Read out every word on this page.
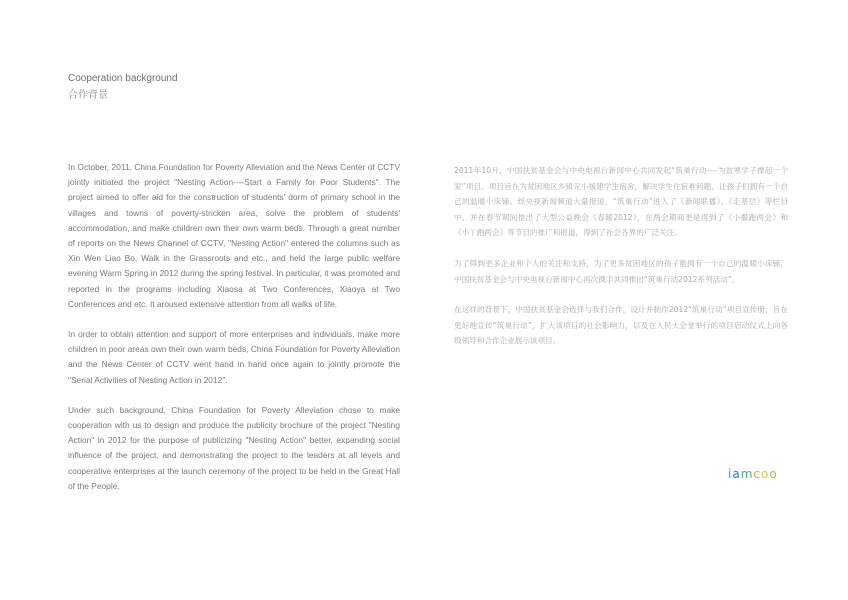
Cooperation background
合作背景

In October, 2011, China Foundation for Poverty Alleviation and the News Center of CCTV jointly initiated the project "Nesting Action----Start a Family for Poor Students". The project aimed to offer aid for the construction of students' dorm of primary school in the villages and towns of poverty-stricken area, solve the problem of students' accommodation, and make children own their own warm beds. Through a great number of reports on the News Channel of CCTV, "Nesting Action" entered the columns such as Xin Wen Liao Bo, Walk in the Grassroots and etc., and held the large public welfare evening Warm Spring in 2012 during the spring festival. In particular, it was promoted and reported in the programs including Xiaosa at Two Conferences, Xiaoya at Two Conferences and etc. It aroused extensive attention from all walks of life.

In order to obtain attention and support of more enterprises and individuals, make more children in poor areas own their own warm beds, China Foundation for Poverty Alleviation and the News Center of CCTV went hand in hand once again to jointly promote the "Serial Activities of Nesting Action in 2012".

Under such background, China Foundation for Poverty Alleviation chose to make cooperation with us to design and produce the publicity brochure of the project "Nesting Action" in 2012 for the purpose of publicizing "Nesting Action" better, expanding social influence of the project, and demonstrating the project to the leaders at all levels and cooperative enterprises at the launch ceremony of the project to be held in the Great Hall of the People.

2011年10月，中国扶贫基金会与中央电视台新闻中心共同发起“筑巢行动----为贫寒学子撑起一个家”项目。项目旨在为贫困地区乡镇完小援建学生宿舍，解决学生住宿难问题，让孩子们拥有一个自己的温暖小床铺。经央视新闻频道大量报道，“筑巢行动”进入了《新闻联播》、《走基层》等栏目中，并在春节期间推出了大型公益晚会《春暖2012》，在两会期间更是得到了《小撒跑两会》和《小丫跑两会》等节目的推广和报道，得到了社会各界的广泛关注。

为了得到更多企业和个人的关注和支持，为了更多贫困地区的孩子能拥有一个自己的温暖小床铺，中国扶贫基金会与中央电视台新闻中心再次携手共同推出“筑巢行动2012系列活动”。

在这样的背景下，中国扶贫基金会选择与我们合作，设计并制作2012“筑巢行动”项目宣传册，旨在更好地宣传“筑巢行动”，扩大该项目的社会影响力，以及在人民大会堂举行的项目启动仪式上向各级领导和合作企业展示该项目。

i a m c o o
